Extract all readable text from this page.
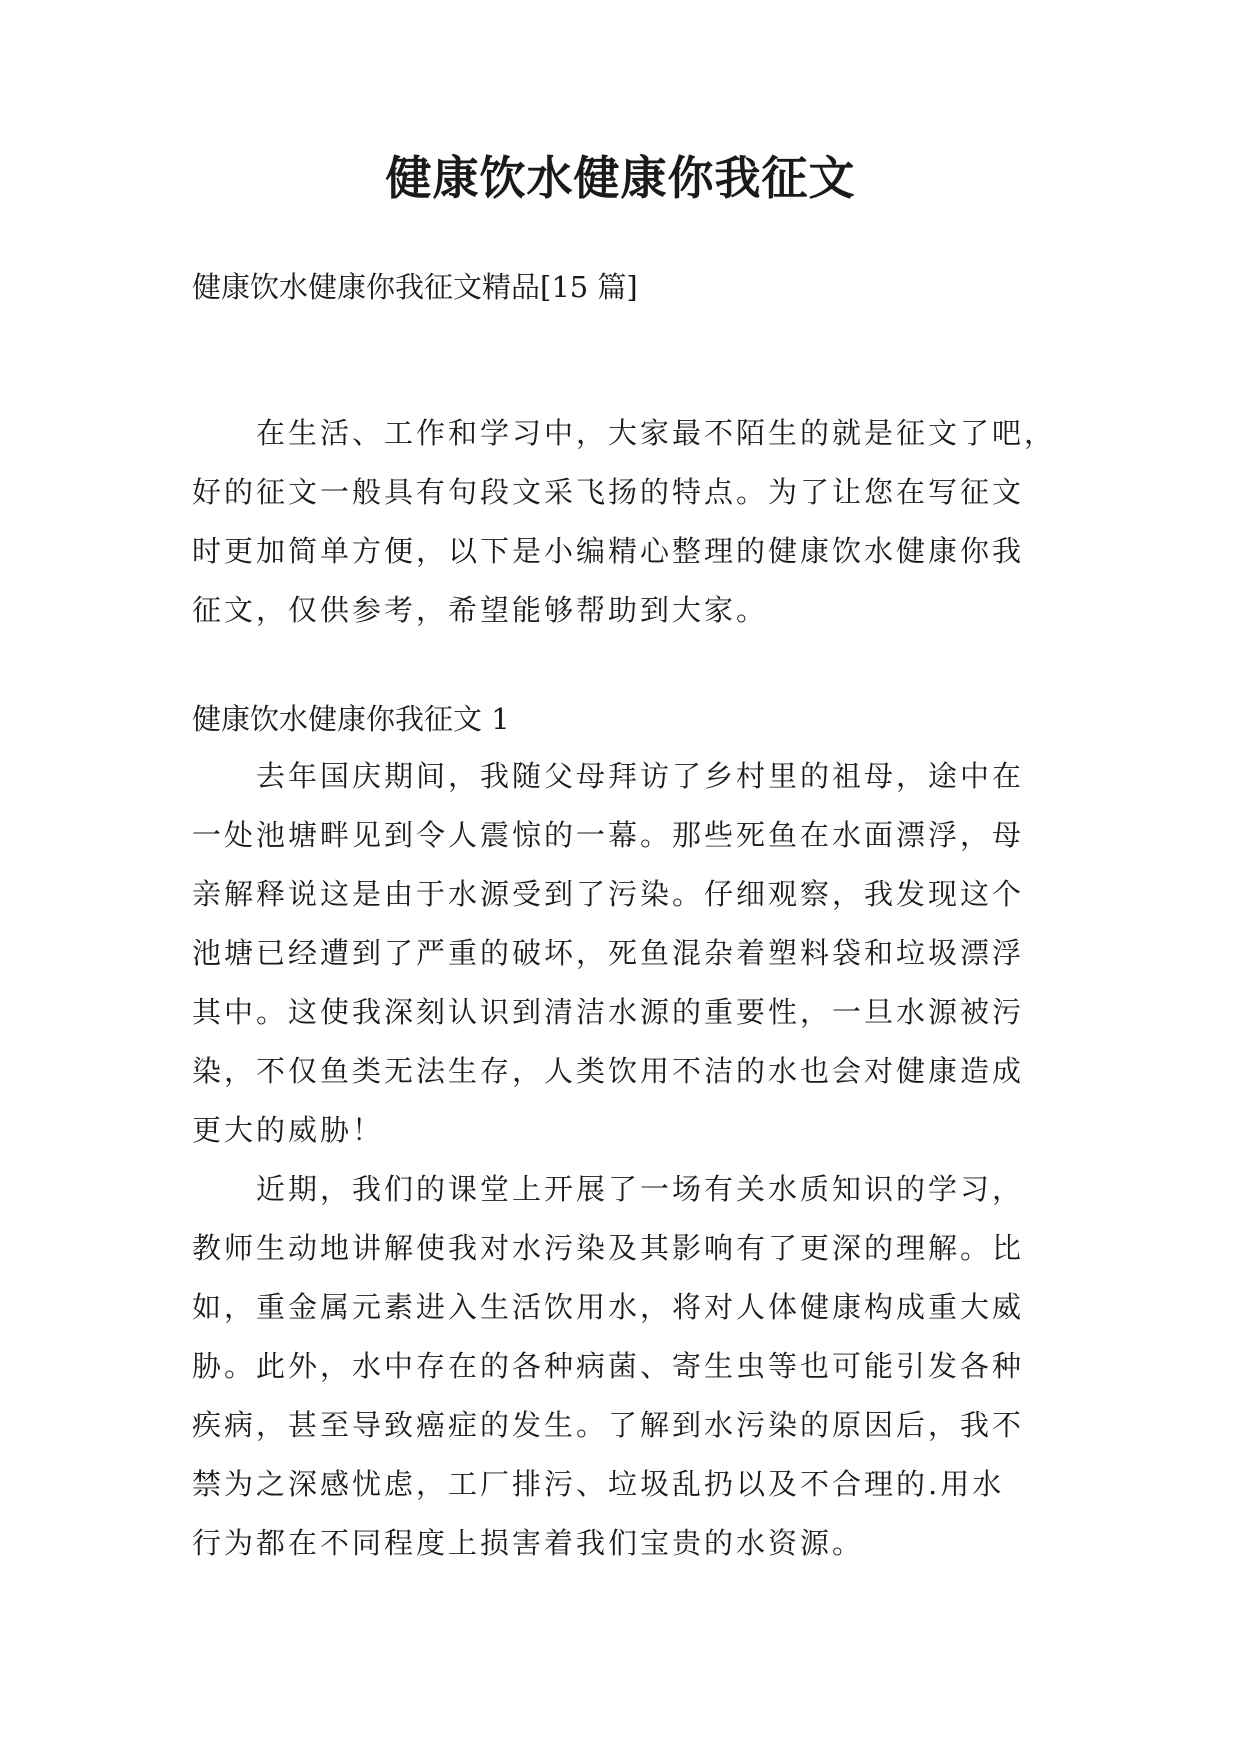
健康饮水健康你我征文

健康饮水健康你我征文精品[15 篇]

　　在生活、工作和学习中，大家最不陌生的就是征文了吧，
好的征文一般具有句段文采飞扬的特点。为了让您在写征文
时更加简单方便，以下是小编精心整理的健康饮水健康你我
征文，仅供参考，希望能够帮助到大家。

健康饮水健康你我征文 1

　　去年国庆期间，我随父母拜访了乡村里的祖母，途中在
一处池塘畔见到令人震惊的一幕。那些死鱼在水面漂浮，母
亲解释说这是由于水源受到了污染。仔细观察，我发现这个
池塘已经遭到了严重的破坏，死鱼混杂着塑料袋和垃圾漂浮
其中。这使我深刻认识到清洁水源的重要性，一旦水源被污
染，不仅鱼类无法生存，人类饮用不洁的水也会对健康造成
更大的威胁！
　　近期，我们的课堂上开展了一场有关水质知识的学习，
教师生动地讲解使我对水污染及其影响有了更深的理解。比
如，重金属元素进入生活饮用水，将对人体健康构成重大威
胁。此外，水中存在的各种病菌、寄生虫等也可能引发各种
疾病，甚至导致癌症的发生。了解到水污染的原因后，我不
禁为之深感忧虑，工厂排污、垃圾乱扔以及不合理的.用水
行为都在不同程度上损害着我们宝贵的水资源。
